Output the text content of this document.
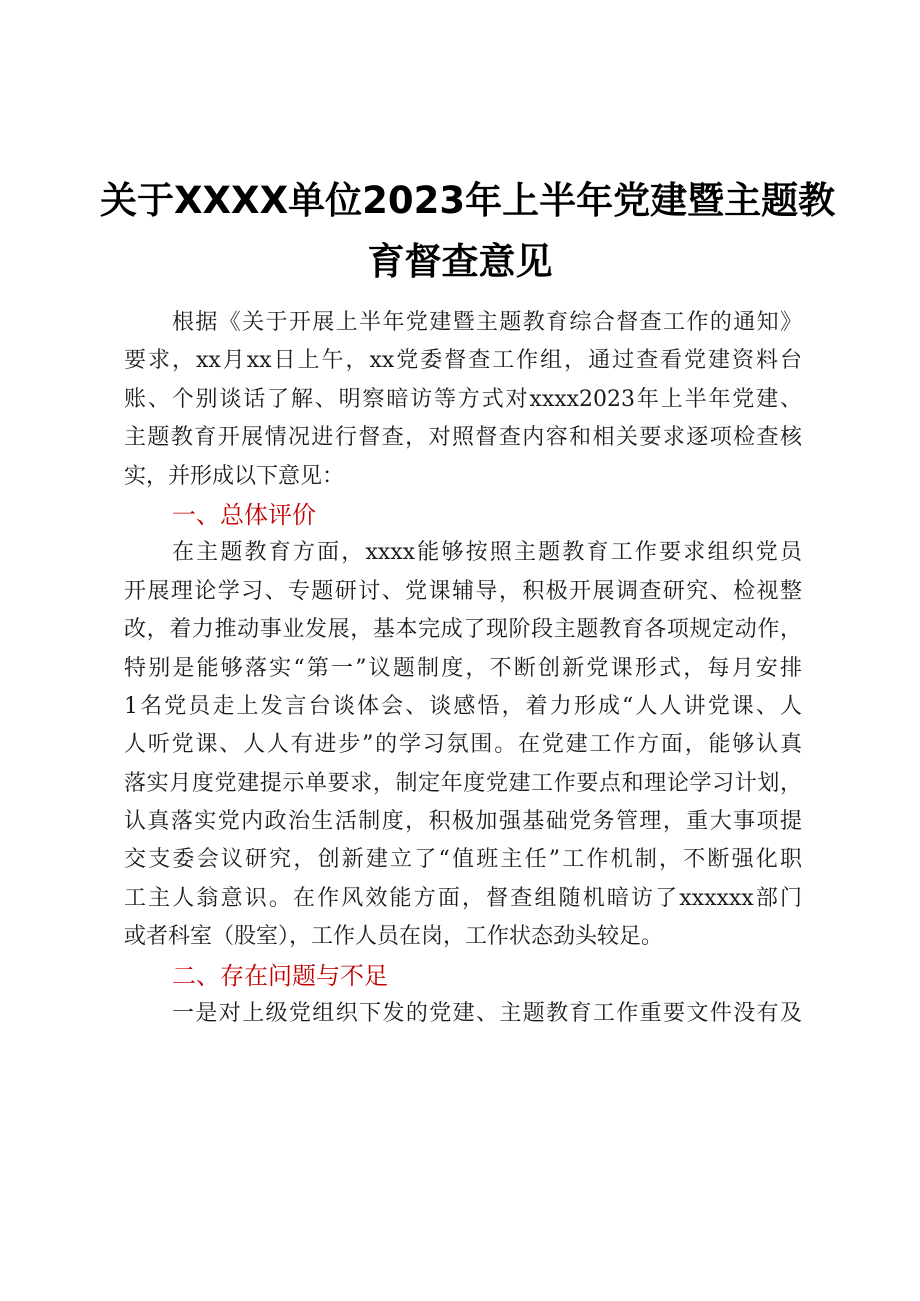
关于XXXX单位2023年上半年党建暨主题教
育督查意见
根据《关于开展上半年党建暨主题教育综合督查工作的通知》
要求，xx月xx日上午，xx党委督查工作组，通过查看党建资料台
账、个别谈话了解、明察暗访等方式对xxxx2023年上半年党建、
主题教育开展情况进行督查，对照督查内容和相关要求逐项检查核
实，并形成以下意见：
一、总体评价
在主题教育方面，xxxx能够按照主题教育工作要求组织党员
开展理论学习、专题研讨、党课辅导，积极开展调查研究、检视整
改，着力推动事业发展，基本完成了现阶段主题教育各项规定动作，
特别是能够落实“第一”议题制度，不断创新党课形式，每月安排
1名党员走上发言台谈体会、谈感悟，着力形成“人人讲党课、人
人听党课、人人有进步”的学习氛围。在党建工作方面，能够认真
落实月度党建提示单要求，制定年度党建工作要点和理论学习计划，
认真落实党内政治生活制度，积极加强基础党务管理，重大事项提
交支委会议研究，创新建立了“值班主任”工作机制，不断强化职
工主人翁意识。在作风效能方面，督查组随机暗访了xxxxxx部门
或者科室（股室），工作人员在岗，工作状态劲头较足。
二、存在问题与不足
一是对上级党组织下发的党建、主题教育工作重要文件没有及
